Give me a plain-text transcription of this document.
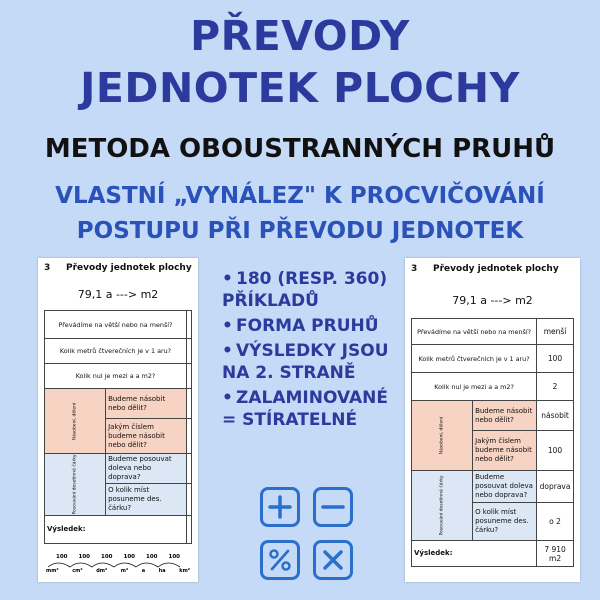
PŘEVODY
JEDNOTEK PLOCHY
METODA OBOUSTRANNÝCH PRUHŮ
VLASTNÍ „VYNÁLEZ" K PROCVIČOVÁNÍ
POSTUPU PŘI PŘEVODU JEDNOTEK
3 Převody jednotek plochy
79,1 a ---> m2
Převádíme na větší nebo na menší?		
Kolik metrů čtverečních je v 1 aru?		
Kolik nul je mezi a a m2?		
Násobení, dělení	Budeme násobit nebo dělit?	
	Jakým číslem budeme násobit nebo dělit?	
Posouvání desetinné čárky	Budeme posouvat doleva nebo doprava?	
	O kolik míst posuneme des. čárku?	
Výsledek:		
100 100 100 100 100 100
mm²	cm²	dm²	m²	a	ha	km²
• 180 (RESP. 360) PŘÍKLADŮ
• FORMA PRUHŮ
• VÝSLEDKY JSOU NA 2. STRANĚ
• ZALAMINOVANÉ = STÍRATELNÉ
3 Převody jednotek plochy
79,1 a ---> m2
Převádíme na větší nebo na menší?		menší
Kolik metrů čtverečních je v 1 aru?		100
Kolik nul je mezi a a m2?		2
Násobení, dělení	Budeme násobit nebo dělit?	násobit
	Jakým číslem budeme násobit nebo dělit?	100
Posouvání desetinné čárky	Budeme posouvat doleva nebo doprava?	doprava
	O kolik míst posuneme des. čárku?	o 2
Výsledek:		7 910 m2
